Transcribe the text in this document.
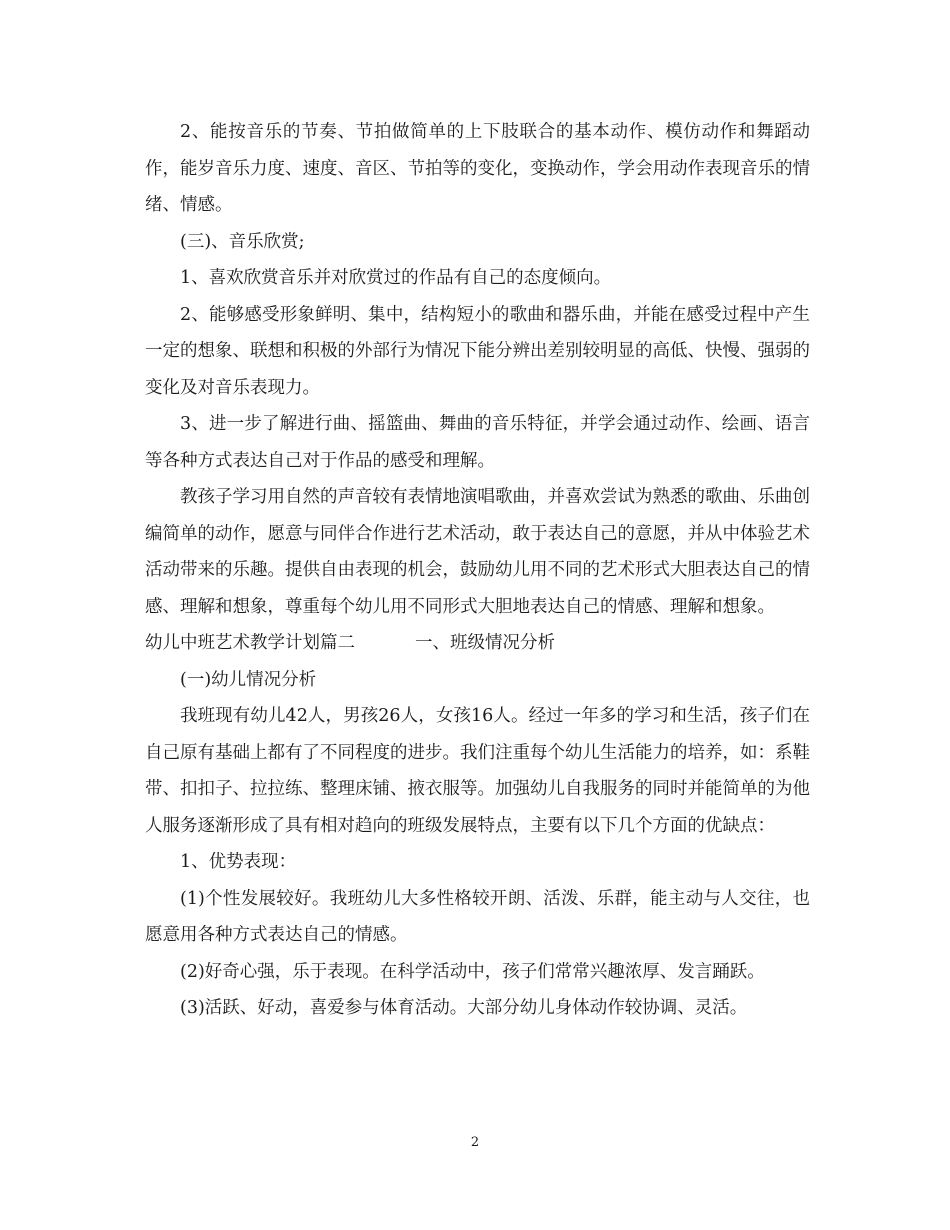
2、能按音乐的节奏、节拍做简单的上下肢联合的基本动作、模仿动作和舞蹈动作，能岁音乐力度、速度、音区、节拍等的变化，变换动作，学会用动作表现音乐的情绪、情感。

(三)、音乐欣赏;

1、喜欢欣赏音乐并对欣赏过的作品有自己的态度倾向。

2、能够感受形象鲜明、集中，结构短小的歌曲和器乐曲，并能在感受过程中产生一定的想象、联想和积极的外部行为情况下能分辨出差别较明显的高低、快慢、强弱的变化及对音乐表现力。

3、进一步了解进行曲、摇篮曲、舞曲的音乐特征，并学会通过动作、绘画、语言等各种方式表达自己对于作品的感受和理解。

教孩子学习用自然的声音较有表情地演唱歌曲，并喜欢尝试为熟悉的歌曲、乐曲创编简单的动作，愿意与同伴合作进行艺术活动，敢于表达自己的意愿，并从中体验艺术活动带来的乐趣。提供自由表现的机会，鼓励幼儿用不同的艺术形式大胆表达自己的情感、理解和想象，尊重每个幼儿用不同形式大胆地表达自己的情感、理解和想象。

幼儿中班艺术教学计划篇二	一、班级情况分析

(一)幼儿情况分析

我班现有幼儿42人，男孩26人，女孩16人。经过一年多的学习和生活，孩子们在自己原有基础上都有了不同程度的进步。我们注重每个幼儿生活能力的培养，如：系鞋带、扣扣子、拉拉练、整理床铺、掖衣服等。加强幼儿自我服务的同时并能简单的为他人服务逐渐形成了具有相对趋向的班级发展特点，主要有以下几个方面的优缺点：

1、优势表现：

(1)个性发展较好。我班幼儿大多性格较开朗、活泼、乐群，能主动与人交往，也愿意用各种方式表达自己的情感。

(2)好奇心强，乐于表现。在科学活动中，孩子们常常兴趣浓厚、发言踊跃。

(3)活跃、好动，喜爱参与体育活动。大部分幼儿身体动作较协调、灵活。

2
